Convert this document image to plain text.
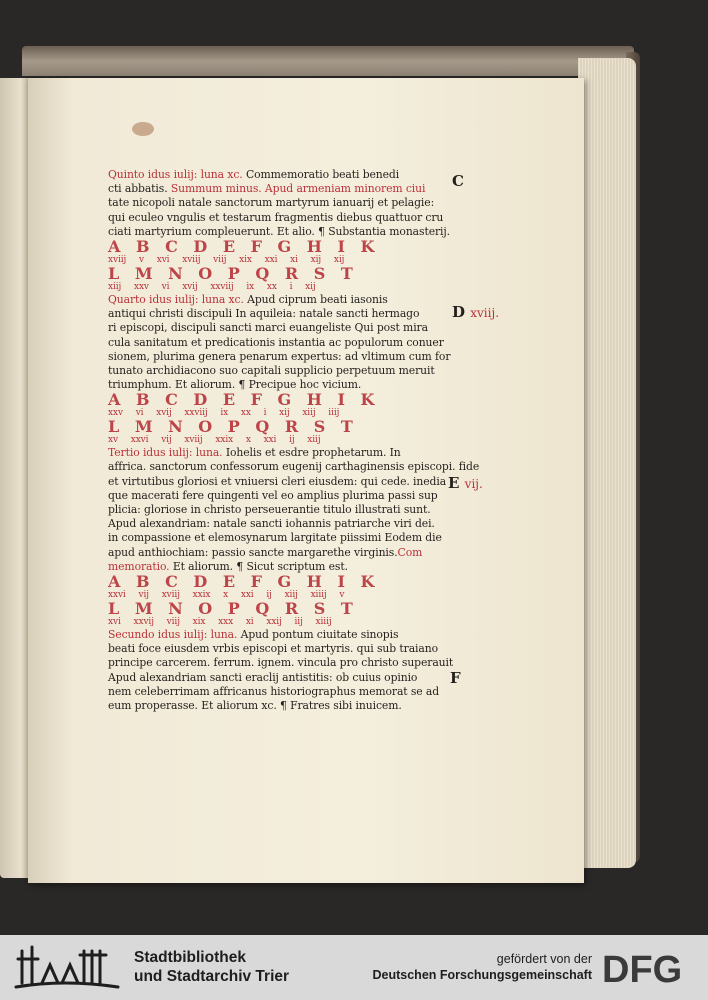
Quinto idus iulij: luna xc. Commemoratio beati benedi
cti abbatis. Summum minus. Apud armeniam minorem ciui
tate nicopoli natale sanctorum martyrum ianuarij et pelagie:
qui eculeo vngulis et testarum fragmentis diebus quattuor cru
ciati martyrium compleuerunt. Et alio. ¶ Substantia monasterij.
A B C D E F G H I K
xviij v xvi xviij viij xix xxi xi xij xij
L M N O P Q R S T
xiij xxv vi xvij xxviij ix xx i xij
Quarto idus iulij: luna xc. Apud ciprum beati iasonis
antiqui christi discipuli In aquileia: natale sancti hermago
ri episcopi, discipuli sancti marci euangeliste Qui post mira
cula sanitatum et predicationis instantia ac populorum conuer
sionem, plurima genera penarum expertus: ad vltimum cum for
tunato archidiacono suo capitali supplicio perpetuum meruit
triumphum. Et aliorum. ¶ Precipue hoc vicium.
A B C D E F G H I K
xxv vi xvij xxviij ix xx i xij xiij iiij
L M N O P Q R S T
xv xxvi vij xviij xxix x xxi ij xiij
Tertio idus iulij: luna. Iohelis et esdre prophetarum. In
affrica. sanctorum confessorum eugenij carthaginensis episcopi. fide
et virtutibus gloriosi et vniuersi cleri eiusdem: qui cede. inedia
que macerati fere quingenti vel eo amplius plurima passi sup
plicia: gloriose in christo perseuerantie titulo illustrati sunt.
Apud alexandriam: natale sancti iohannis patriarche viri dei.
in compassione et elemosynarum largitate piissimi Eodem die
apud anthiochiam: passio sancte margarethe virginis.Com
memoratio. Et aliorum. ¶ Sicut scriptum est.
A B C D E F G H I K
xxvi vij xviij xxix x xxi ij xiij xiiij v
L M N O P Q R S T
xvi xxvij viij xix xxx xi xxij iij xiiij
Secundo idus iulij: luna. Apud pontum ciuitate sinopis
beati foce eiusdem vrbis episcopi et martyris. qui sub traiano
principe carcerem. ferrum. ignem. vincula pro christo superauit
Apud alexandriam sancti eraclij antistitis: ob cuius opinio
nem celeberrimam affricanus historiographus memorat se ad
eum properasse. Et aliorum xc. ¶ Fratres sibi inuicem.
C
D xviij.
E vij.
F
Stadtbibliothek
und Stadtarchiv Trier
gefördert von der
Deutschen Forschungsgemeinschaft DFG
